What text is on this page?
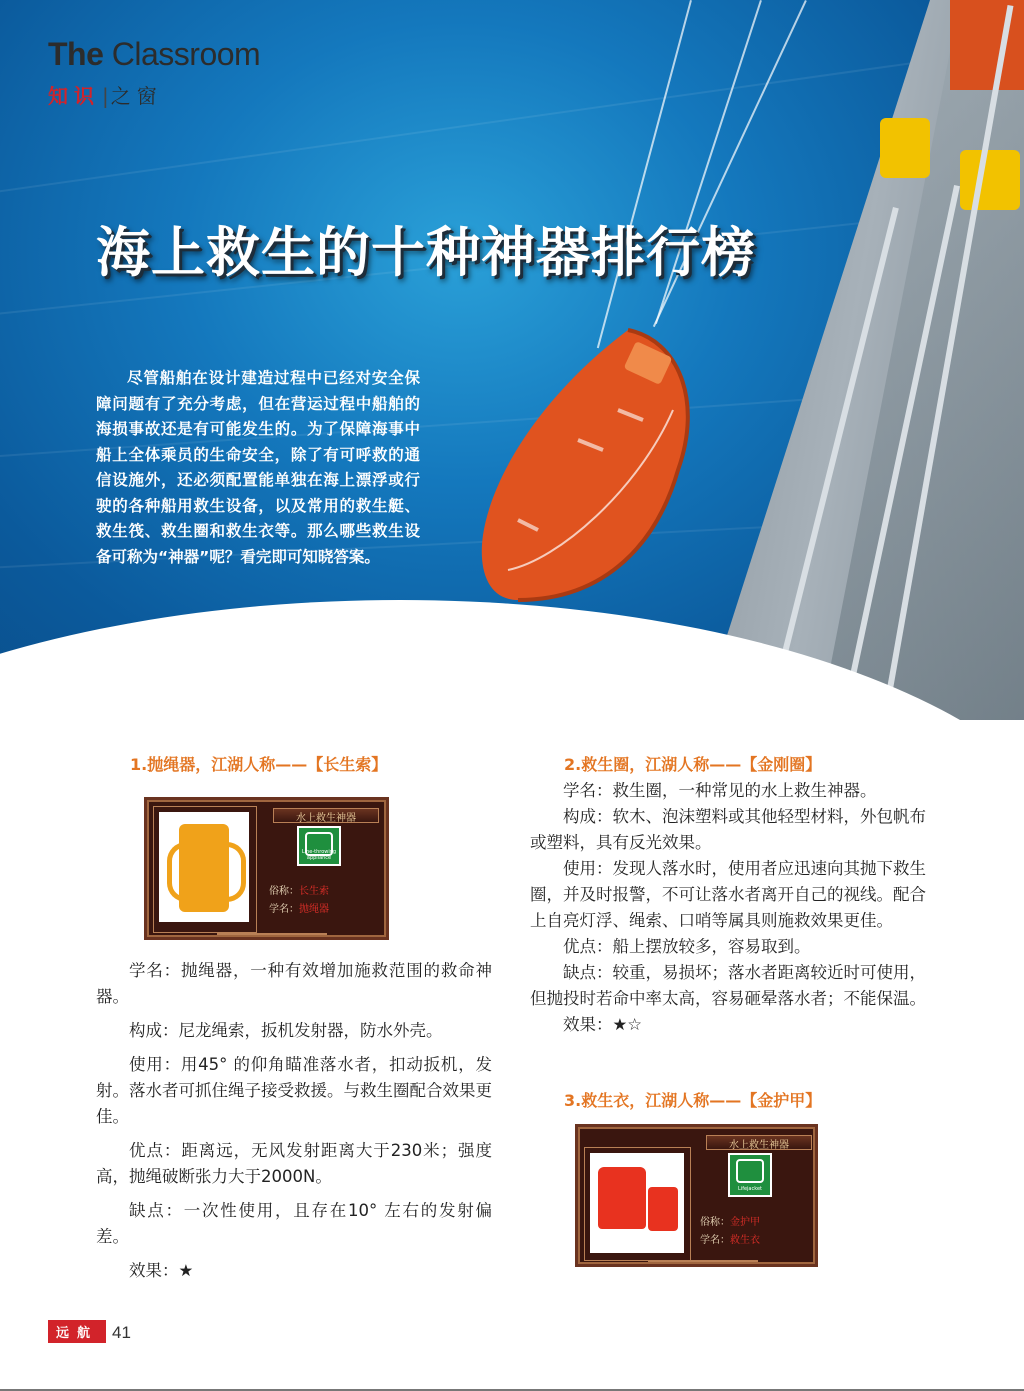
The Classroom
知识 | 之窗
海上救生的十种神器排行榜
尽管船舶在设计建造过程中已经对安全保障问题有了充分考虑，但在营运过程中船舶的海损事故还是有可能发生的。为了保障海事中船上全体乘员的生命安全，除了有可呼救的通信设施外，还必须配置能单独在海上漂浮或行驶的各种船用救生设备，以及常用的救生艇、救生筏、救生圈和救生衣等。那么哪些救生设备可称为“神器”呢？看完即可知晓答案。
1.抛绳器，江湖人称——【长生索】
水上救生神器
Line-throwing appliance
俗称：长生索
学名：抛绳器

学名：抛绳器，一种有效增加施救范围的救命神器。

构成：尼龙绳索，扳机发射器，防水外壳。

使用：用45° 的仰角瞄准落水者，扣动扳机，发射。落水者可抓住绳子接受救援。与救生圈配合效果更佳。

优点：距离远，无风发射距离大于230米；强度高，抛绳破断张力大于2000N。

缺点：一次性使用，且存在10° 左右的发射偏差。

效果：★

2.救生圈，江湖人称——【金刚圈】

学名：救生圈，一种常见的水上救生神器。

构成：软木、泡沫塑料或其他轻型材料，外包帆布或塑料，具有反光效果。

使用：发现人落水时，使用者应迅速向其抛下救生圈，并及时报警，不可让落水者离开自己的视线。配合上自亮灯浮、绳索、口哨等属具则施救效果更佳。

优点：船上摆放较多，容易取到。

缺点：较重，易损坏；落水者距离较近时可使用，但抛投时若命中率太高，容易砸晕落水者；不能保温。

效果：★☆

3.救生衣，江湖人称——【金护甲】
水上救生神器
Lifejacket
俗称：金护甲
学名：救生衣
远航 41
